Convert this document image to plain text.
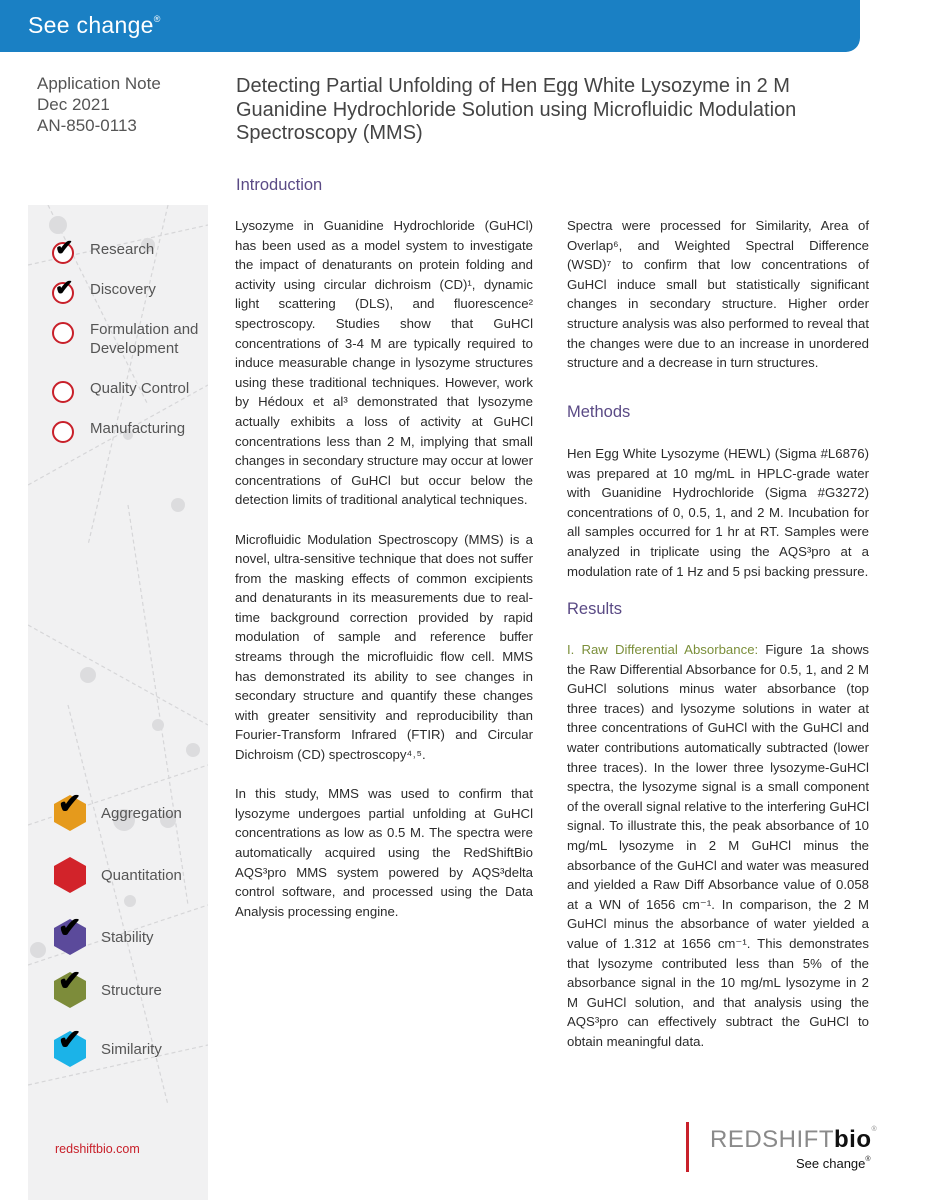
See change®
Application Note
Dec 2021
AN-850-0113
Detecting Partial Unfolding of Hen Egg White Lysozyme in 2 M Guanidine Hydrochloride Solution using Microfluidic Modulation Spectroscopy (MMS)
✔ Research
✔ Discovery
Formulation and Development
Quality Control
Manufacturing
✔ Aggregation
Quantitation
✔ Stability
✔ Structure
✔ Similarity
redshiftbio.com
Introduction

Lysozyme in Guanidine Hydrochloride (GuHCl) has been used as a model system to investigate the impact of denaturants on protein folding and activity using circular dichroism (CD)¹, dynamic light scattering (DLS), and fluorescence² spectroscopy. Studies show that GuHCl concentrations of 3-4 M are typically required to induce measurable change in lysozyme structures using these traditional techniques. However, work by Hédoux et al³ demonstrated that lysozyme actually exhibits a loss of activity at GuHCl concentrations less than 2 M, implying that small changes in secondary structure may occur at lower concentrations of GuHCl but occur below the detection limits of traditional analytical techniques.

Microfluidic Modulation Spectroscopy (MMS) is a novel, ultra-sensitive technique that does not suffer from the masking effects of common excipients and denaturants in its measurements due to real-time background correction provided by rapid modulation of sample and reference buffer streams through the microfluidic flow cell. MMS has demonstrated its ability to see changes in secondary structure and quantify these changes with greater sensitivity and reproducibility than Fourier-Transform Infrared (FTIR) and Circular Dichroism (CD) spectroscopy⁴˒⁵.

In this study, MMS was used to confirm that lysozyme undergoes partial unfolding at GuHCl concentrations as low as 0.5 M. The spectra were automatically acquired using the RedShiftBio AQS³pro MMS system powered by AQS³delta control software, and processed using the Data Analysis processing engine.

Spectra were processed for Similarity, Area of Overlap⁶, and Weighted Spectral Difference (WSD)⁷ to confirm that low concentrations of GuHCl induce small but statistically significant changes in secondary structure. Higher order structure analysis was also performed to reveal that the changes were due to an increase in unordered structure and a decrease in turn structures.

Methods

Hen Egg White Lysozyme (HEWL) (Sigma #L6876) was prepared at 10 mg/mL in HPLC-grade water with Guanidine Hydrochloride (Sigma #G3272) concentrations of 0, 0.5, 1, and 2 M. Incubation for all samples occurred for 1 hr at RT. Samples were analyzed in triplicate using the AQS³pro at a modulation rate of 1 Hz and 5 psi backing pressure.

Results

I. Raw Differential Absorbance: Figure 1a shows the Raw Differential Absorbance for 0.5, 1, and 2 M GuHCl solutions minus water absorbance (top three traces) and lysozyme solutions in water at three concentrations of GuHCl with the GuHCl and water contributions automatically subtracted (lower three traces). In the lower three lysozyme-GuHCl spectra, the lysozyme signal is a small component of the overall signal relative to the interfering GuHCl signal. To illustrate this, the peak absorbance of 10 mg/mL lysozyme in 2 M GuHCl minus the absorbance of the GuHCl and water was measured and yielded a Raw Diff Absorbance value of 0.058 at a WN of 1656 cm⁻¹. In comparison, the 2 M GuHCl minus the absorbance of water yielded a value of 1.312 at 1656 cm⁻¹. This demonstrates that lysozyme contributed less than 5% of the absorbance signal in the 10 mg/mL lysozyme in 2 M GuHCl solution, and that analysis using the AQS³pro can effectively subtract the GuHCl to obtain meaningful data.

REDSHIFTbio®
See change®
